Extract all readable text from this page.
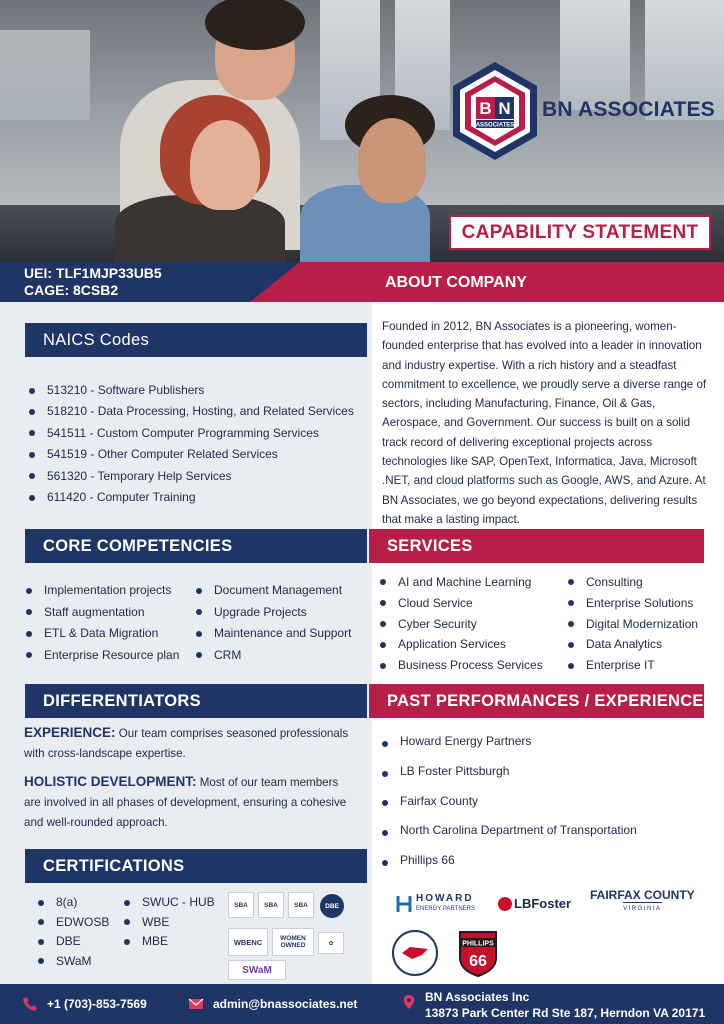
B N
ASSOCIATES
BN ASSOCIATES
CAPABILITY STATEMENT
UEI: TLF1MJP33UB5
CAGE: 8CSB2	ABOUT COMPANY
NAICS Codes
513210 - Software Publishers
518210 - Data Processing, Hosting, and Related Services
541511 - Custom Computer Programming Services
541519 - Other Computer Related Services
561320 - Temporary Help Services
611420 - Computer Training
Founded in 2012, BN Associates is a pioneering, women-founded enterprise that has evolved into a leader in innovation and industry expertise. With a rich history and a steadfast commitment to excellence, we proudly serve a diverse range of sectors, including Manufacturing, Finance, Oil & Gas, Aerospace, and Government. Our success is built on a solid track record of delivering exceptional projects across technologies like SAP, OpenText, Informatica, Java, Microsoft .NET, and cloud platforms such as Google, AWS, and Azure. At BN Associates, we go beyond expectations, delivering results that make a lasting impact.
CORE COMPETENCIES
Implementation projects
Staff augmentation
ETL & Data Migration
Enterprise Resource plan
Document Management
Upgrade Projects
Maintenance and Support
CRM
SERVICES
AI and Machine Learning
Cloud Service
Cyber Security
Application Services
Business Process Services
Consulting
Enterprise Solutions
Digital Modernization
Data Analytics
Enterprise IT
DIFFERENTIATORS

EXPERIENCE: Our team comprises seasoned professionals with cross-landscape expertise.

HOLISTIC DEVELOPMENT: Most of our team members are involved in all phases of development, ensuring a cohesive and well-rounded approach.

PAST PERFORMANCES / EXPERIENCE
Howard Energy Partners
LB Foster Pittsburgh
Fairfax County
North Carolina Department of Transportation
Phillips 66
CERTIFICATIONS
8(a)
EDWOSB
DBE
SWaM
SWUC - HUB
WBE
MBE
SBA	SBA	SBA	DBE
WBENC	WOMEN OWNED	✿
SWaM
HOWARD
ENERGY PARTNERS	LBFoster
FAIRFAX COUNTY
VIRGINIA
PHILLIPS
66
+1 (703)-853-7569	admin@bnassociates.net	BN Associates Inc
13873 Park Center Rd Ste 187, Herndon VA 20171
